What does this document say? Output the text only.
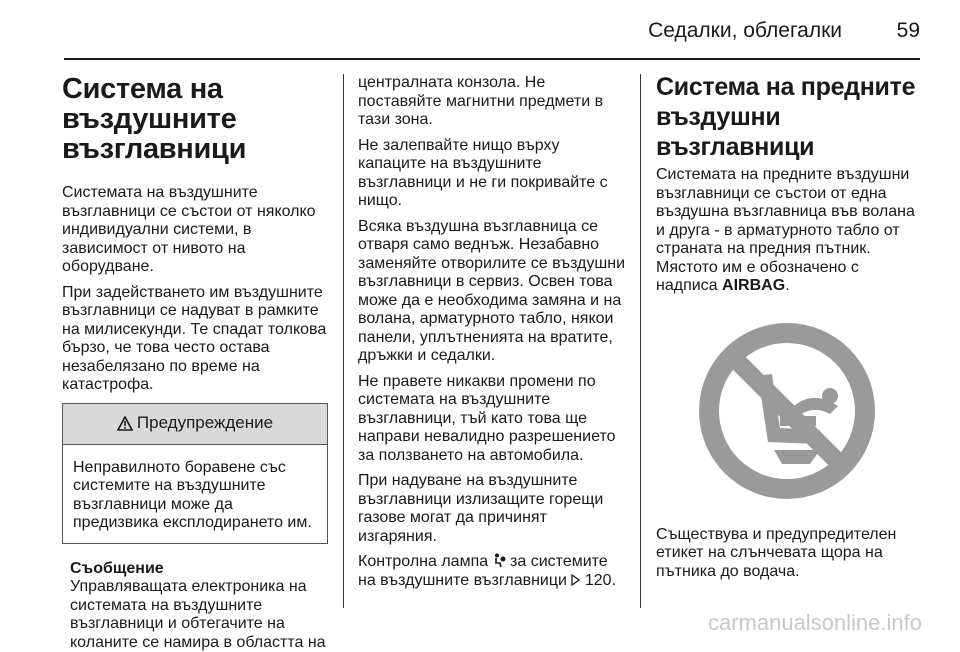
Седалки, облегалки	59
Система на въздушните възглавници

Системата на въздушните възглавници се състои от няколко индивидуални системи, в зависимост от нивото на оборудване.

При задействането им въздушните възглавници се надуват в рамките на милисекунди. Те спадат толкова бързо, че това често остава незабелязано по време на катастрофа.

Предупреждение
Неправилното боравене със системите на въздушните възглавници може да предизвика експлодирането им.
Съобщение
Управляващата електроника на системата на въздушните възглавници и обтегачите на коланите се намира в областта на

централната конзола. Не поставяйте магнитни предмети в тази зона.

Не залепвайте нищо върху капаците на въздушните възглавници и не ги покривайте с нищо.

Всяка въздушна възглавница се отваря само веднъж. Незабавно заменяйте отворилите се въздушни възглавници в сервиз. Освен това може да е необходима замяна и на волана, арматурното табло, някои панели, уплътненията на вратите, дръжки и седалки.

Не правете никакви промени по системата на въздушните възглавници, тъй като това ще направи невалидно разрешението за ползването на автомобила.

При надуване на въздушните възглавници излизащите горещи газове могат да причинят изгаряния.

Контролна лампа за системите на въздушните възглавници 120.

Система на предните въздушни възглавници

Системата на предните въздушни възглавници се състои от една въздушна възглавница във волана и друга - в арматурното табло от страната на предния пътник. Мястото им е обозначено с надписа AIRBAG.

Съществува и предупредителен етикет на слънчевата щора на пътника до водача.

carmanualsonline.info
